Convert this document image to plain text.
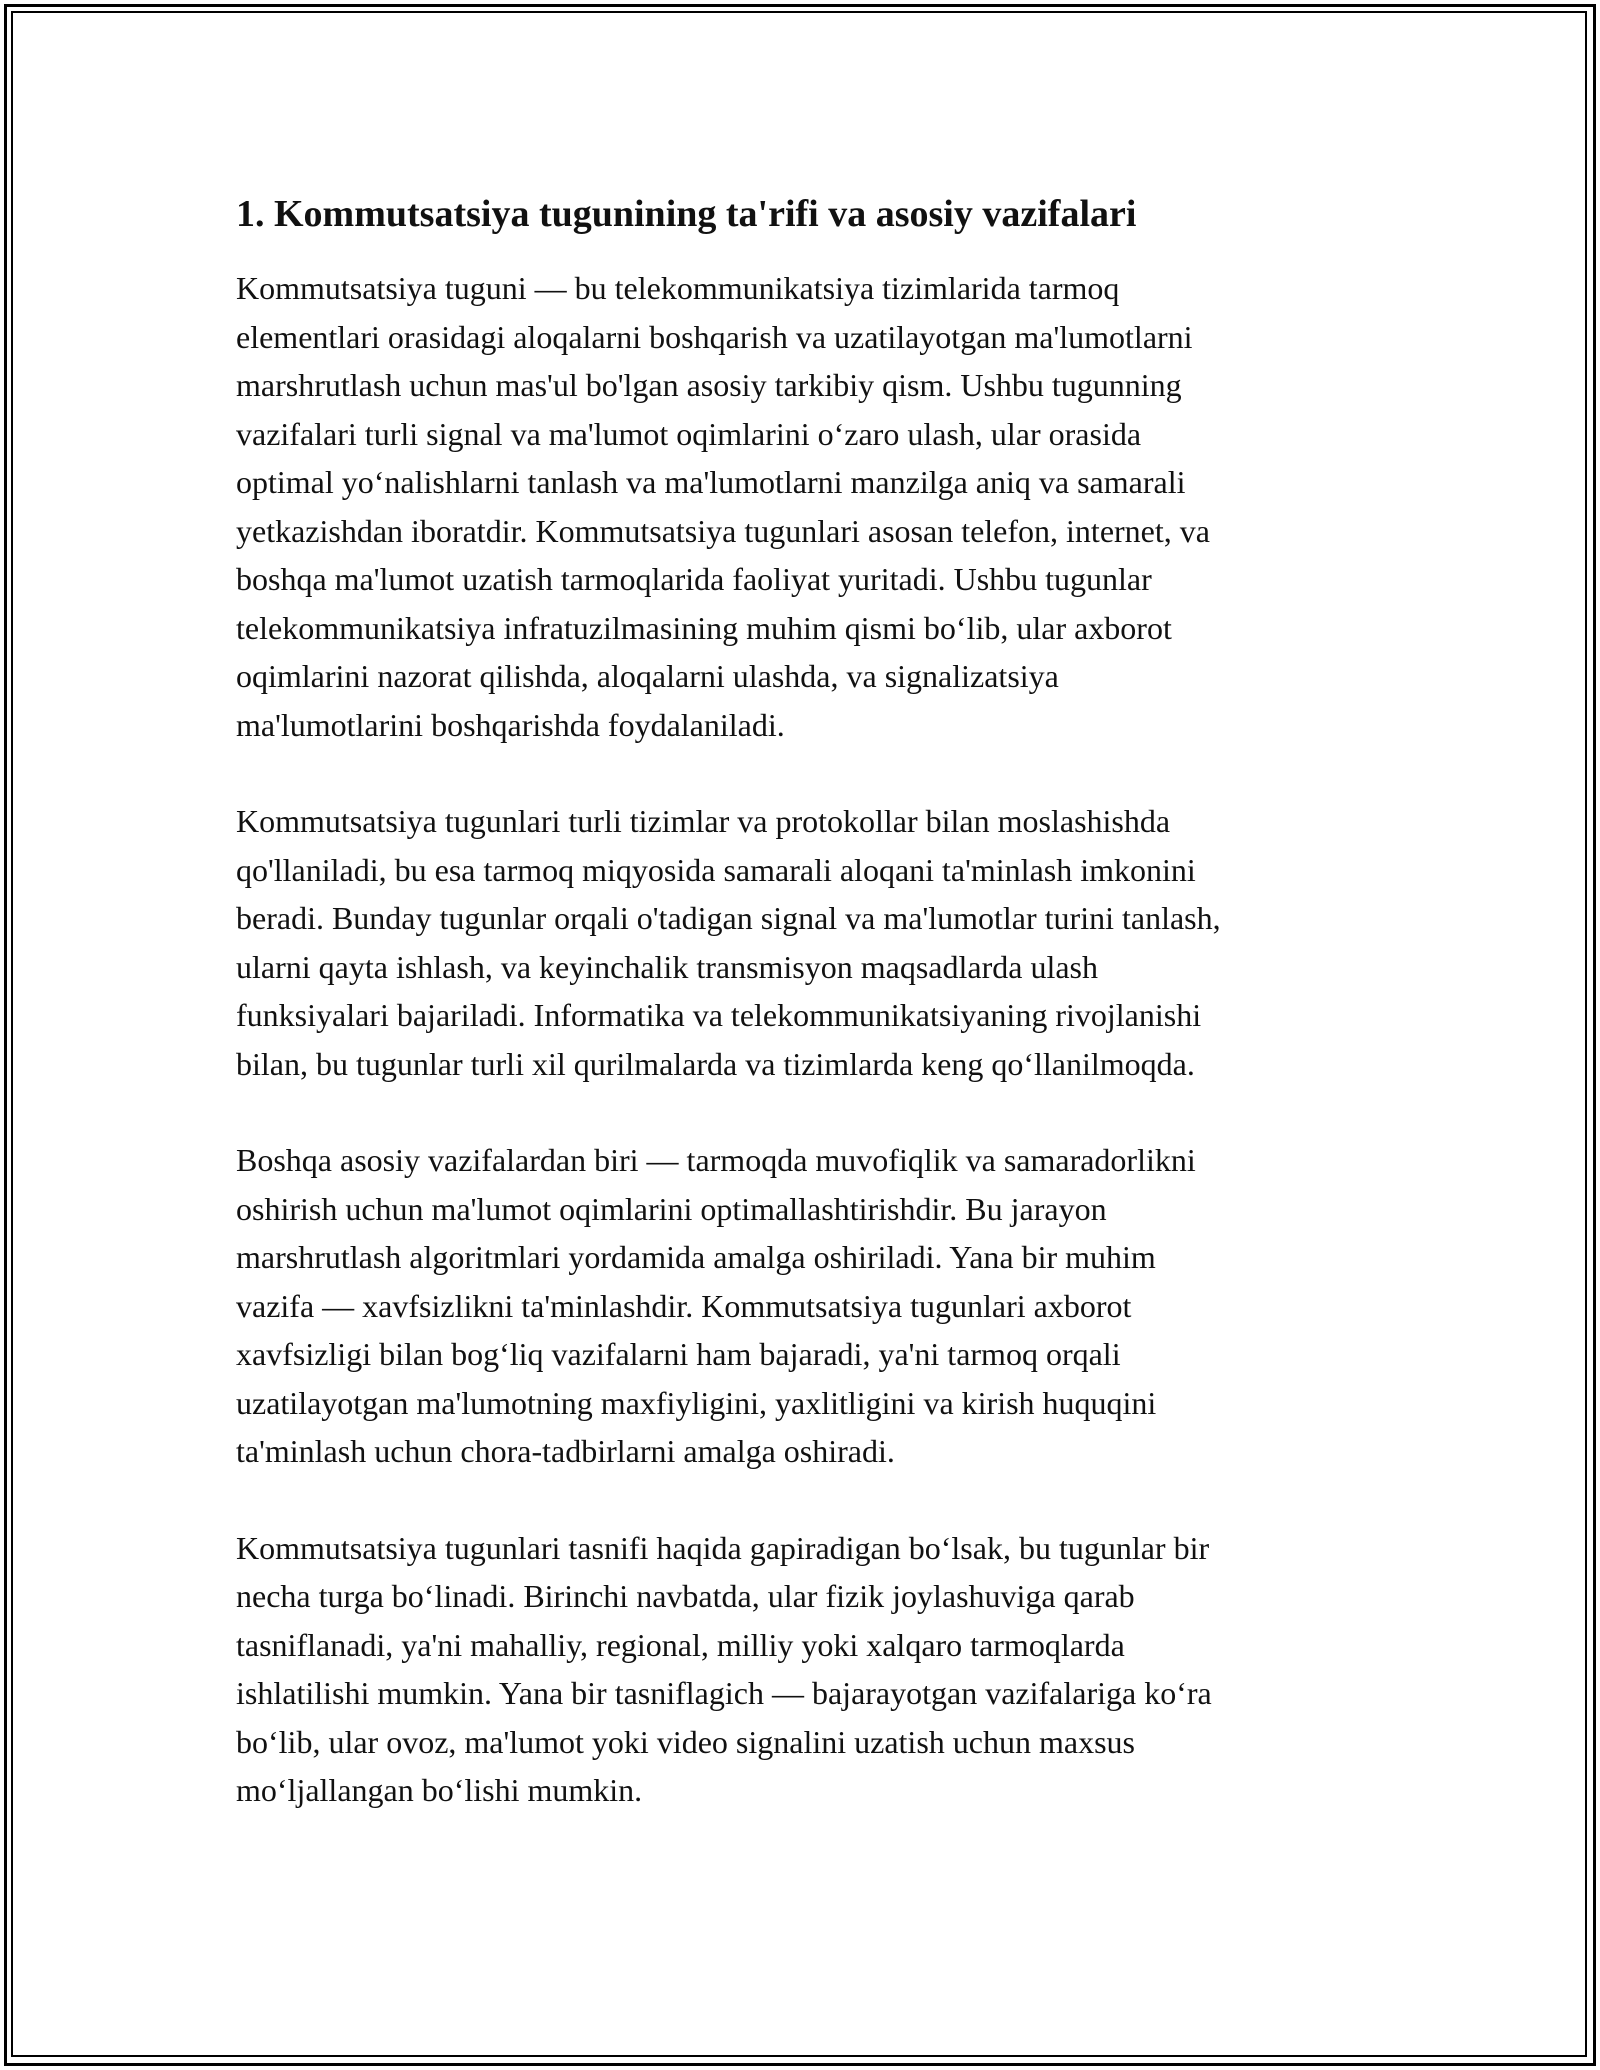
1. Kommutsatsiya tugunining ta'rifi va asosiy vazifalari

Kommutsatsiya tuguni — bu telekommunikatsiya tizimlarida tarmoq
elementlari orasidagi aloqalarni boshqarish va uzatilayotgan ma'lumotlarni
marshrutlash uchun mas'ul bo'lgan asosiy tarkibiy qism. Ushbu tugunning
vazifalari turli signal va ma'lumot oqimlarini o‘zaro ulash, ular orasida
optimal yo‘nalishlarni tanlash va ma'lumotlarni manzilga aniq va samarali
yetkazishdan iboratdir. Kommutsatsiya tugunlari asosan telefon, internet, va
boshqa ma'lumot uzatish tarmoqlarida faoliyat yuritadi. Ushbu tugunlar
telekommunikatsiya infratuzilmasining muhim qismi bo‘lib, ular axborot
oqimlarini nazorat qilishda, aloqalarni ulashda, va signalizatsiya
ma'lumotlarini boshqarishda foydalaniladi.

Kommutsatsiya tugunlari turli tizimlar va protokollar bilan moslashishda
qo'llaniladi, bu esa tarmoq miqyosida samarali aloqani ta'minlash imkonini
beradi. Bunday tugunlar orqali o'tadigan signal va ma'lumotlar turini tanlash,
ularni qayta ishlash, va keyinchalik transmisyon maqsadlarda ulash
funksiyalari bajariladi. Informatika va telekommunikatsiyaning rivojlanishi
bilan, bu tugunlar turli xil qurilmalarda va tizimlarda keng qo‘llanilmoqda.

Boshqa asosiy vazifalardan biri — tarmoqda muvofiqlik va samaradorlikni
oshirish uchun ma'lumot oqimlarini optimallashtirishdir. Bu jarayon
marshrutlash algoritmlari yordamida amalga oshiriladi. Yana bir muhim
vazifa — xavfsizlikni ta'minlashdir. Kommutsatsiya tugunlari axborot
xavfsizligi bilan bog‘liq vazifalarni ham bajaradi, ya'ni tarmoq orqali
uzatilayotgan ma'lumotning maxfiyligini, yaxlitligini va kirish huquqini
ta'minlash uchun chora-tadbirlarni amalga oshiradi.

Kommutsatsiya tugunlari tasnifi haqida gapiradigan bo‘lsak, bu tugunlar bir
necha turga bo‘linadi. Birinchi navbatda, ular fizik joylashuviga qarab
tasniflanadi, ya'ni mahalliy, regional, milliy yoki xalqaro tarmoqlarda
ishlatilishi mumkin. Yana bir tasniflagich — bajarayotgan vazifalariga ko‘ra
bo‘lib, ular ovoz, ma'lumot yoki video signalini uzatish uchun maxsus
mo‘ljallangan bo‘lishi mumkin.
